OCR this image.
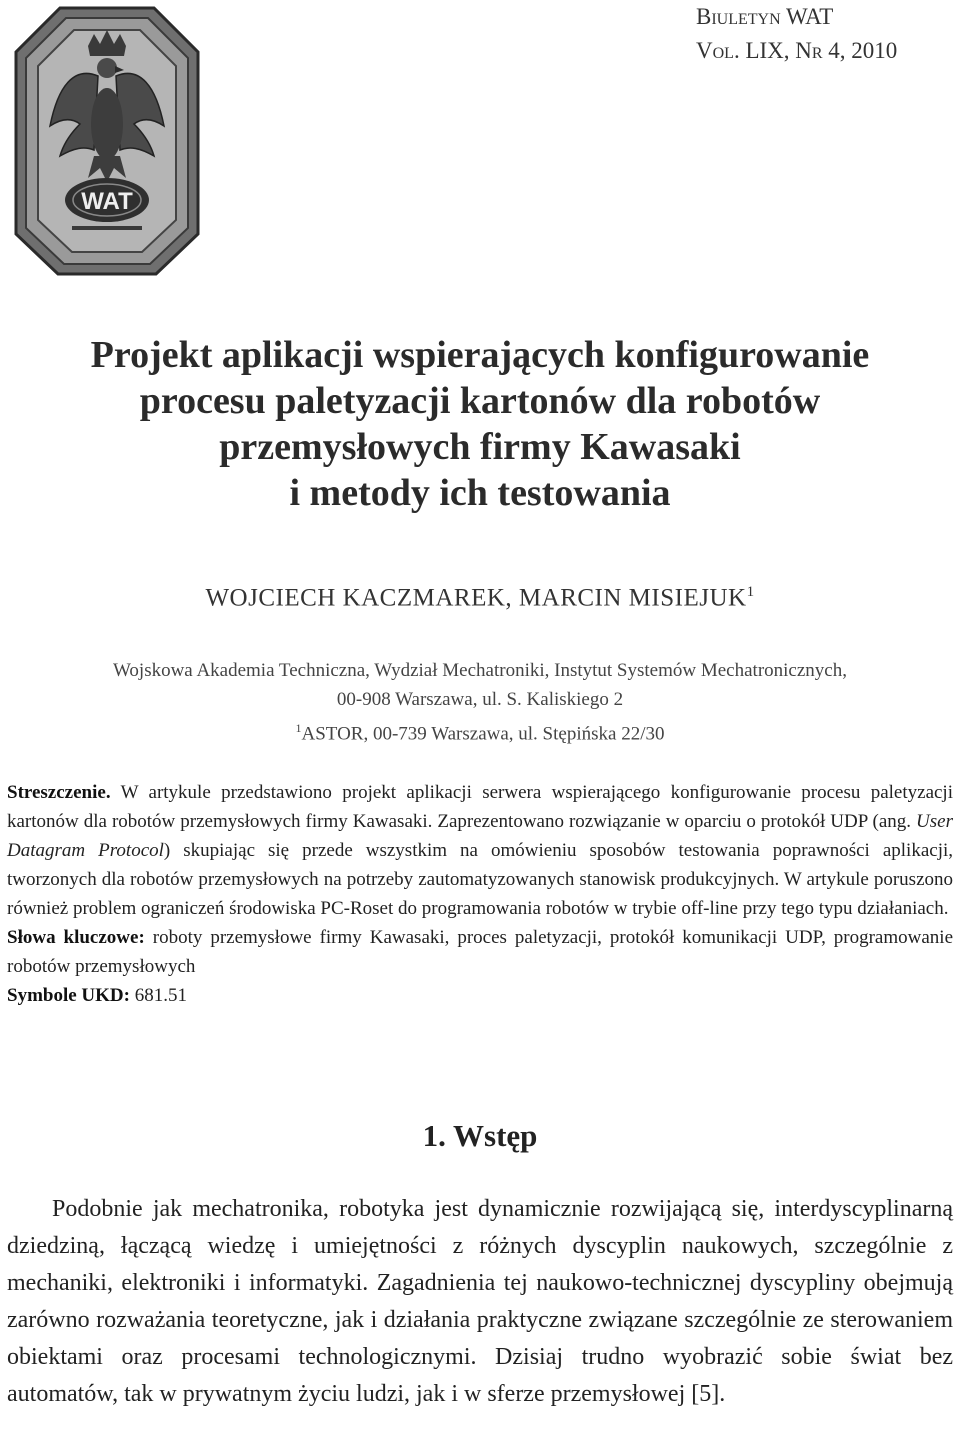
Biuletyn WAT
Vol. LIX, Nr 4, 2010
WAT
Projekt aplikacji wspierających konfigurowanie
procesu paletyzacji kartonów dla robotów
przemysłowych firmy Kawasaki
i metody ich testowania
WOJCIECH KACZMAREK, MARCIN MISIEJUK$^1$
Wojskowa Akademia Techniczna, Wydział Mechatroniki, Instytut Systemów Mechatronicznych,
00-908 Warszawa, ul. S. Kaliskiego 2
$^1$ASTOR, 00-739 Warszawa, ul. Stępińska 22/30

Streszczenie. W artykule przedstawiono projekt aplikacji serwera wspierającego konfigurowanie procesu paletyzacji kartonów dla robotów przemysłowych firmy Kawasaki. Zaprezentowano rozwiązanie w oparciu o protokół UDP (ang. User Datagram Protocol) skupiając się przede wszystkim na omówieniu sposobów testowania poprawności aplikacji, tworzonych dla robotów przemysłowych na potrzeby zautomatyzowanych stanowisk produkcyjnych. W artykule poruszono również problem ograniczeń środowiska PC-Roset do programowania robotów w trybie off-line przy tego typu działaniach.

Słowa kluczowe: roboty przemysłowe firmy Kawasaki, proces paletyzacji, protokół komunikacji UDP, programowanie robotów przemysłowych

Symbole UKD: 681.51

1. Wstęp

Podobnie jak mechatronika, robotyka jest dynamicznie rozwijającą się, interdyscyplinarną dziedziną, łączącą wiedzę i umiejętności z różnych dyscyplin naukowych, szczególnie z mechaniki, elektroniki i informatyki. Zagadnienia tej naukowo-technicznej dyscypliny obejmują zarówno rozważania teoretyczne, jak i działania praktyczne związane szczególnie ze sterowaniem obiektami oraz procesami technologicznymi. Dzisiaj trudno wyobrazić sobie świat bez automatów, tak w prywatnym życiu ludzi, jak i w sferze przemysłowej [5].
